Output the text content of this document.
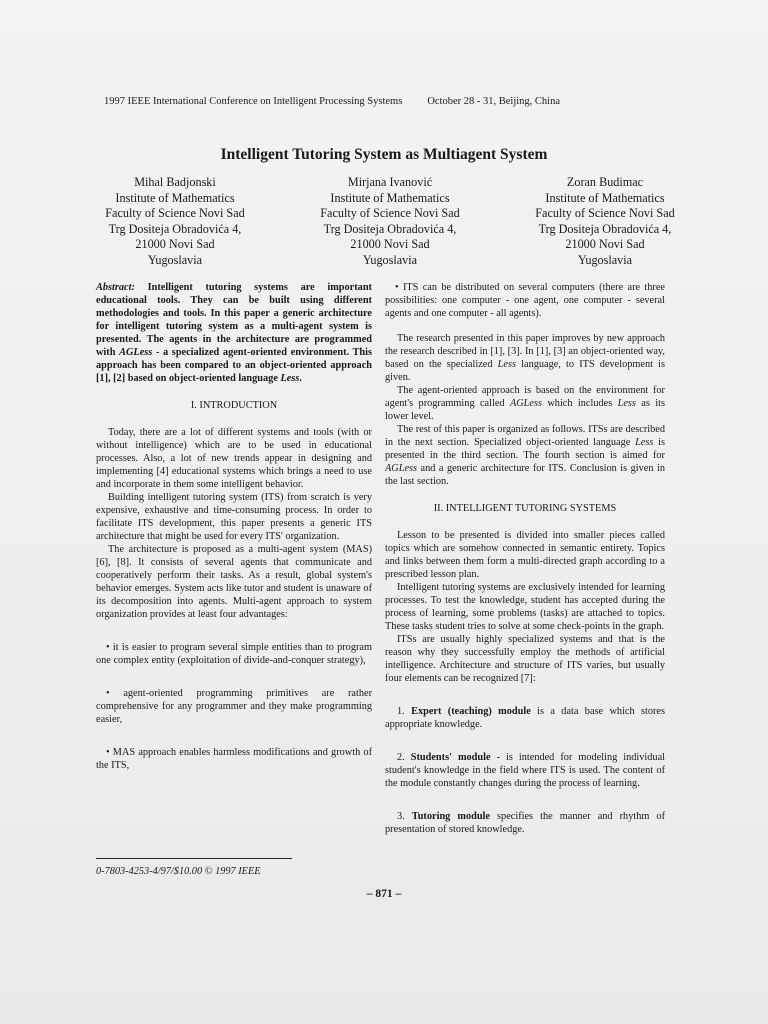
1997 IEEE International Conference on Intelligent Processing Systems October 28 - 31, Beijing, China
Intelligent Tutoring System as Multiagent System
Mihal Badjonski
Institute of Mathematics
Faculty of Science Novi Sad
Trg Dositeja Obradovića 4,
21000 Novi Sad
Yugoslavia
Mirjana Ivanović
Institute of Mathematics
Faculty of Science Novi Sad
Trg Dositeja Obradovića 4,
21000 Novi Sad
Yugoslavia
Zoran Budimac
Institute of Mathematics
Faculty of Science Novi Sad
Trg Dositeja Obradovića 4,
21000 Novi Sad
Yugoslavia

Abstract: Intelligent tutoring systems are important educational tools. They can be built using different methodologies and tools. In this paper a generic architecture for intelligent tutoring system as a multi-agent system is presented. The agents in the architecture are programmed with AGLess - a specialized agent-oriented environment. This approach has been compared to an object-oriented approach [1], [2] based on object-oriented language Less.

I. INTRODUCTION

Today, there are a lot of different systems and tools (with or without intelligence) which are to be used in educational processes. Also, a lot of new trends appear in designing and implementing [4] educational systems which brings a need to use and incorporate in them some intelligent behavior.

Building intelligent tutoring system (ITS) from scratch is very expensive, exhaustive and time-consuming process. In order to facilitate ITS development, this paper presents a generic ITS architecture that might be used for every ITS' organization.

The architecture is proposed as a multi-agent system (MAS) [6], [8]. It consists of several agents that communicate and cooperatively perform their tasks. As a result, global system's behavior emerges. System acts like tutor and student is unaware of its decomposition into agents. Multi-agent approach to system organization provides at least four advantages:

• it is easier to program several simple entities than to program one complex entity (exploitation of divide-and-conquer strategy),

• agent-oriented programming primitives are rather comprehensive for any programmer and they make programming easier,

• MAS approach enables harmless modifications and growth of the ITS,

• ITS can be distributed on several computers (there are three possibilities: one computer - one agent, one computer - several agents and one computer - all agents).

The research presented in this paper improves by new approach the research described in [1], [3]. In [1], [3] an object-oriented way, based on the specialized Less language, to ITS development is given.

The agent-oriented approach is based on the environment for agent's programming called AGLess which includes Less as its lower level.

The rest of this paper is organized as follows. ITSs are described in the next section. Specialized object-oriented language Less is presented in the third section. The fourth section is aimed for AGLess and a generic architecture for ITS. Conclusion is given in the last section.

II. INTELLIGENT TUTORING SYSTEMS

Lesson to be presented is divided into smaller pieces called topics which are somehow connected in semantic entirety. Topics and links between them form a multi-directed graph according to a prescribed lesson plan.

Intelligent tutoring systems are exclusively intended for learning processes. To test the knowledge, student has accepted during the process of learning, some problems (tasks) are attached to topics. These tasks student tries to solve at some check-points in the graph.

ITSs are usually highly specialized systems and that is the reason why they successfully employ the methods of artificial intelligence. Architecture and structure of ITS varies, but usually four elements can be recognized [7]:

1. Expert (teaching) module is a data base which stores appropriate knowledge.

2. Students' module - is intended for modeling individual student's knowledge in the field where ITS is used. The content of the module constantly changes during the process of learning.

3. Tutoring module specifies the manner and rhythm of presentation of stored knowledge.

0-7803-4253-4/97/$10.00 © 1997 IEEE
– 871 –
